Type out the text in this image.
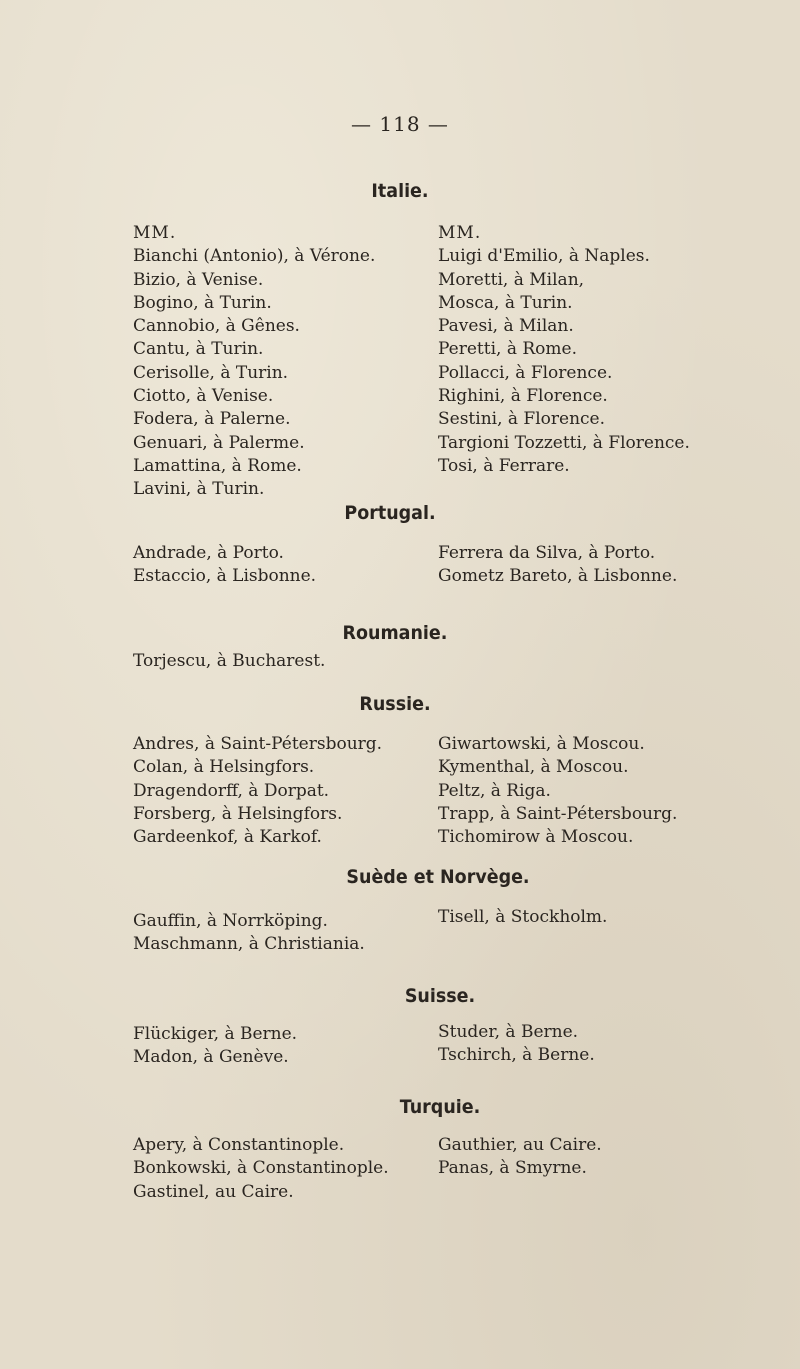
— 118 —
Italie.
MM.
Bianchi (Antonio), à Vérone.
Bizio, à Venise.
Bogino, à Turin.
Cannobio, à Gênes.
Cantu, à Turin.
Cerisolle, à Turin.
Ciotto, à Venise.
Fodera, à Palerne.
Genuari, à Palerme.
Lamattina, à Rome.
Lavini, à Turin.
MM.
Luigi d'Emilio, à Naples.
Moretti, à Milan,
Mosca, à Turin.
Pavesi, à Milan.
Peretti, à Rome.
Pollacci, à Florence.
Righini, à Florence.
Sestini, à Florence.
Targioni Tozzetti, à Florence.
Tosi, à Ferrare.
Portugal.
Andrade, à Porto.
Estaccio, à Lisbonne.
Ferrera da Silva, à Porto.
Gometz Bareto, à Lisbonne.
Roumanie.
Torjescu, à Bucharest.
Russie.
Andres, à Saint-Pétersbourg.
Colan, à Helsingfors.
Dragendorff, à Dorpat.
Forsberg, à Helsingfors.
Gardeenkof, à Karkof.
Giwartowski, à Moscou.
Kymenthal, à Moscou.
Peltz, à Riga.
Trapp, à Saint-Pétersbourg.
Tichomirow à Moscou.
Suède et Norvège.
Gauffin, à Norrköping.
Maschmann, à Christiania.
Tisell, à Stockholm.
Suisse.
Flückiger, à Berne.
Madon, à Genève.
Studer, à Berne.
Tschirch, à Berne.
Turquie.
Apery, à Constantinople.
Bonkowski, à Constantinople.
Gastinel, au Caire.
Gauthier, au Caire.
Panas, à Smyrne.
